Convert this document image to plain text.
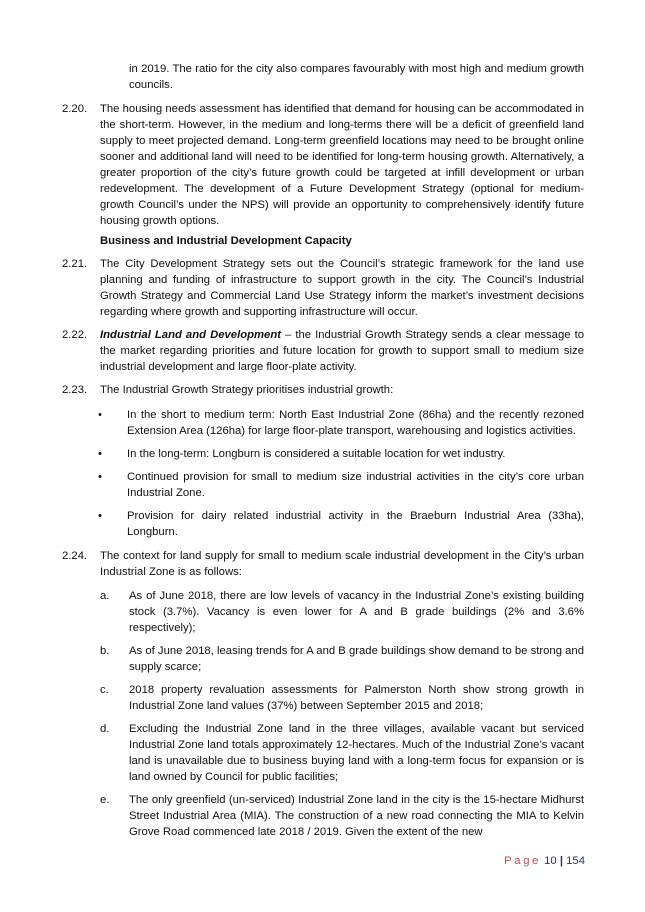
in 2019. The ratio for the city also compares favourably with most high and medium growth councils.

2.20. The housing needs assessment has identified that demand for housing can be accommodated in the short-term. However, in the medium and long-terms there will be a deficit of greenfield land supply to meet projected demand. Long-term greenfield locations may need to be brought online sooner and additional land will need to be identified for long-term housing growth. Alternatively, a greater proportion of the city’s future growth could be targeted at infill development or urban redevelopment. The development of a Future Development Strategy (optional for medium-growth Council’s under the NPS) will provide an opportunity to comprehensively identify future housing growth options.

Business and Industrial Development Capacity

2.21. The City Development Strategy sets out the Council’s strategic framework for the land use planning and funding of infrastructure to support growth in the city. The Council’s Industrial Growth Strategy and Commercial Land Use Strategy inform the market’s investment decisions regarding where growth and supporting infrastructure will occur.

2.22. Industrial Land and Development – the Industrial Growth Strategy sends a clear message to the market regarding priorities and future location for growth to support small to medium size industrial development and large floor-plate activity.

2.23. The Industrial Growth Strategy prioritises industrial growth:

• In the short to medium term: North East Industrial Zone (86ha) and the recently rezoned Extension Area (126ha) for large floor-plate transport, warehousing and logistics activities.

• In the long-term: Longburn is considered a suitable location for wet industry.

• Continued provision for small to medium size industrial activities in the city’s core urban Industrial Zone.

• Provision for dairy related industrial activity in the Braeburn Industrial Area (33ha), Longburn.

2.24. The context for land supply for small to medium scale industrial development in the City’s urban Industrial Zone is as follows:

a. As of June 2018, there are low levels of vacancy in the Industrial Zone’s existing building stock (3.7%). Vacancy is even lower for A and B grade buildings (2% and 3.6% respectively);

b. As of June 2018, leasing trends for A and B grade buildings show demand to be strong and supply scarce;

c. 2018 property revaluation assessments for Palmerston North show strong growth in Industrial Zone land values (37%) between September 2015 and 2018;

d. Excluding the Industrial Zone land in the three villages, available vacant but serviced Industrial Zone land totals approximately 12-hectares. Much of the Industrial Zone’s vacant land is unavailable due to business buying land with a long-term focus for expansion or is land owned by Council for public facilities;

e. The only greenfield (un-serviced) Industrial Zone land in the city is the 15-hectare Midhurst Street Industrial Area (MIA). The construction of a new road connecting the MIA to Kelvin Grove Road commenced late 2018 / 2019. Given the extent of the new

Page 10 | 154
